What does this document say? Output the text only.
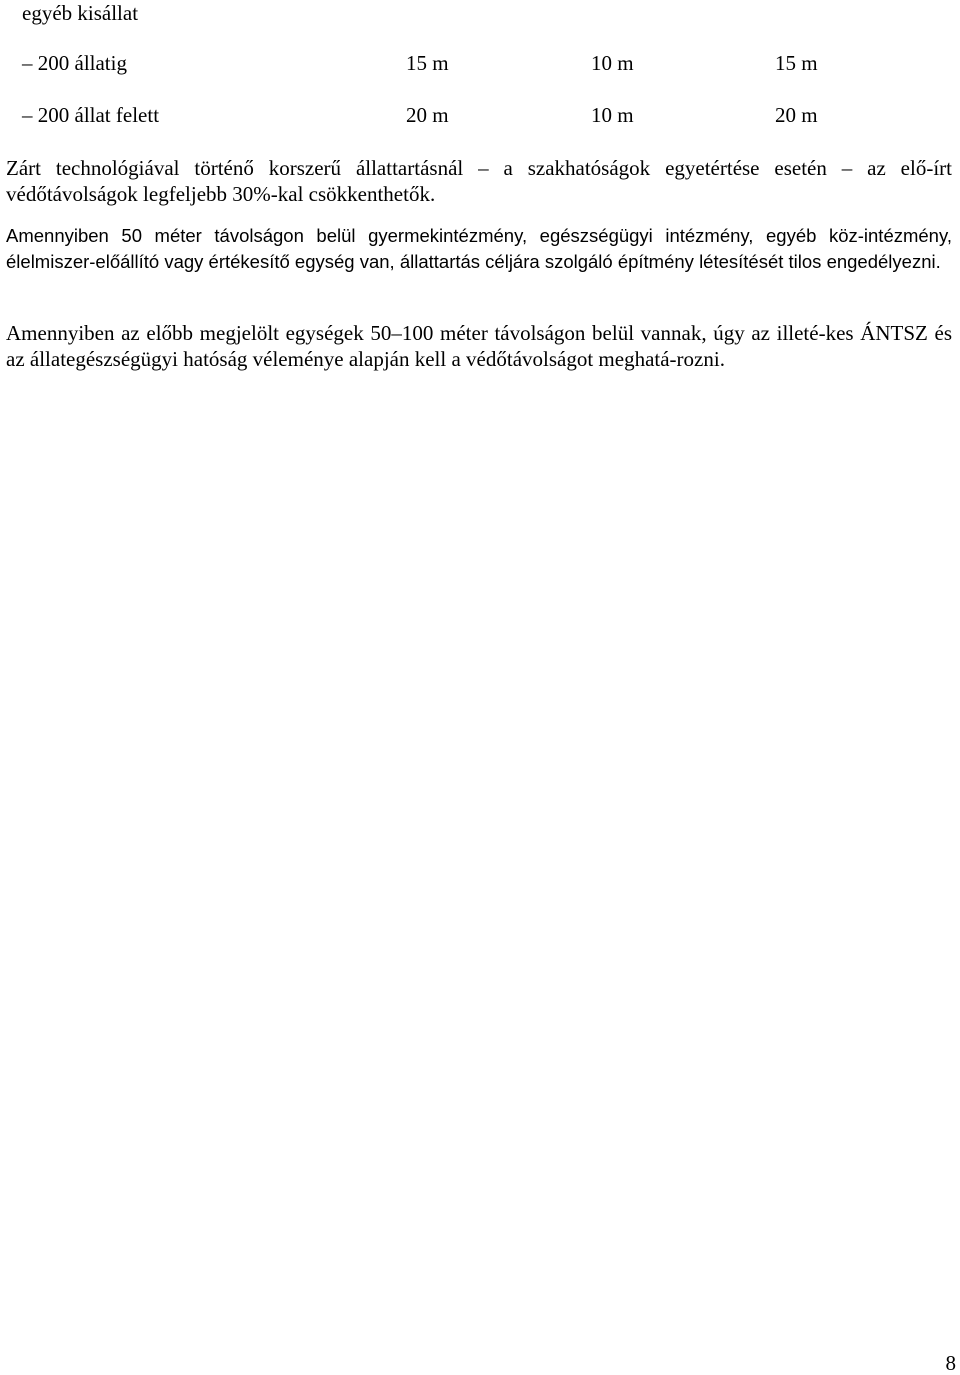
egyéb kisállat
– 200 állatig	15 m	10 m	15 m
– 200 állat felett	20 m	10 m	20 m

Zárt technológiával történő korszerű állattartásnál – a szakhatóságok egyetértése esetén – az elő-írt védőtávolságok legfeljebb 30%-kal csökkenthetők.

Amennyiben 50 méter távolságon belül gyermekintézmény, egészségügyi intézmény, egyéb köz-intézmény, élelmiszer-előállító vagy értékesítő egység van, állattartás céljára szolgáló építmény létesítését tilos engedélyezni.

Amennyiben az előbb megjelölt egységek 50–100 méter távolságon belül vannak, úgy az illeté-kes ÁNTSZ és az állategészségügyi hatóság véleménye alapján kell a védőtávolságot meghatá-rozni.

8
